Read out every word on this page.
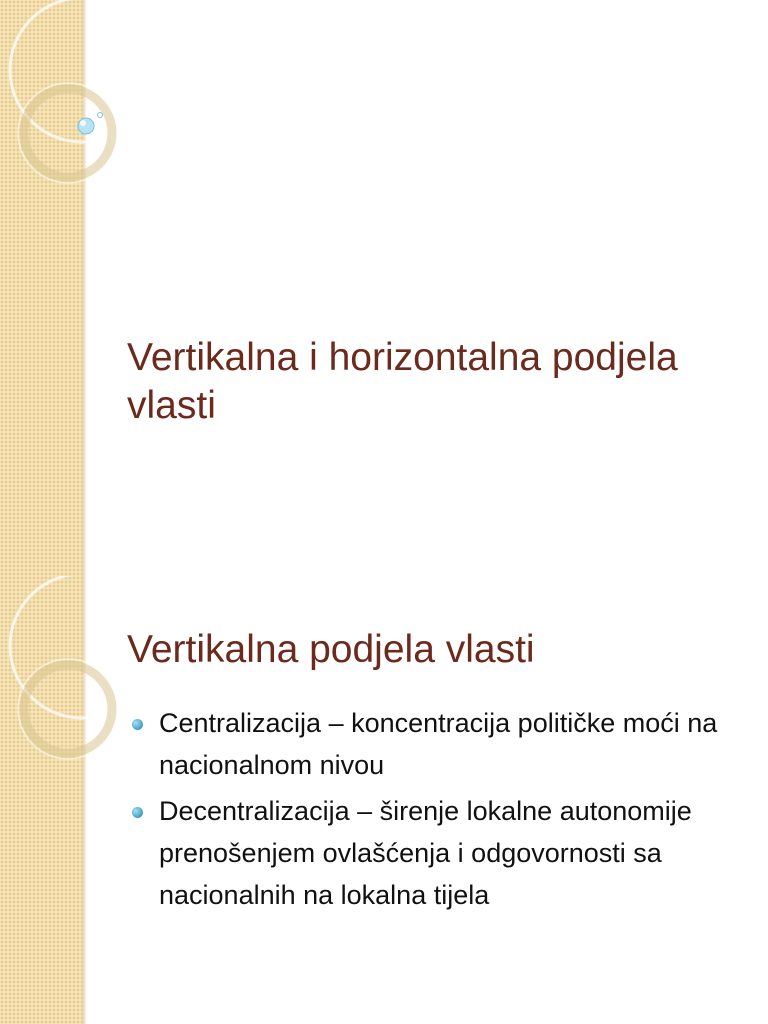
Vertikalna i horizontalna podjela vlasti
Vertikalna podjela vlasti
Centralizacija – koncentracija političke moći na nacionalnom nivou
Decentralizacija – širenje lokalne autonomije prenošenjem ovlašćenja i odgovornosti sa nacionalnih na lokalna tijela
